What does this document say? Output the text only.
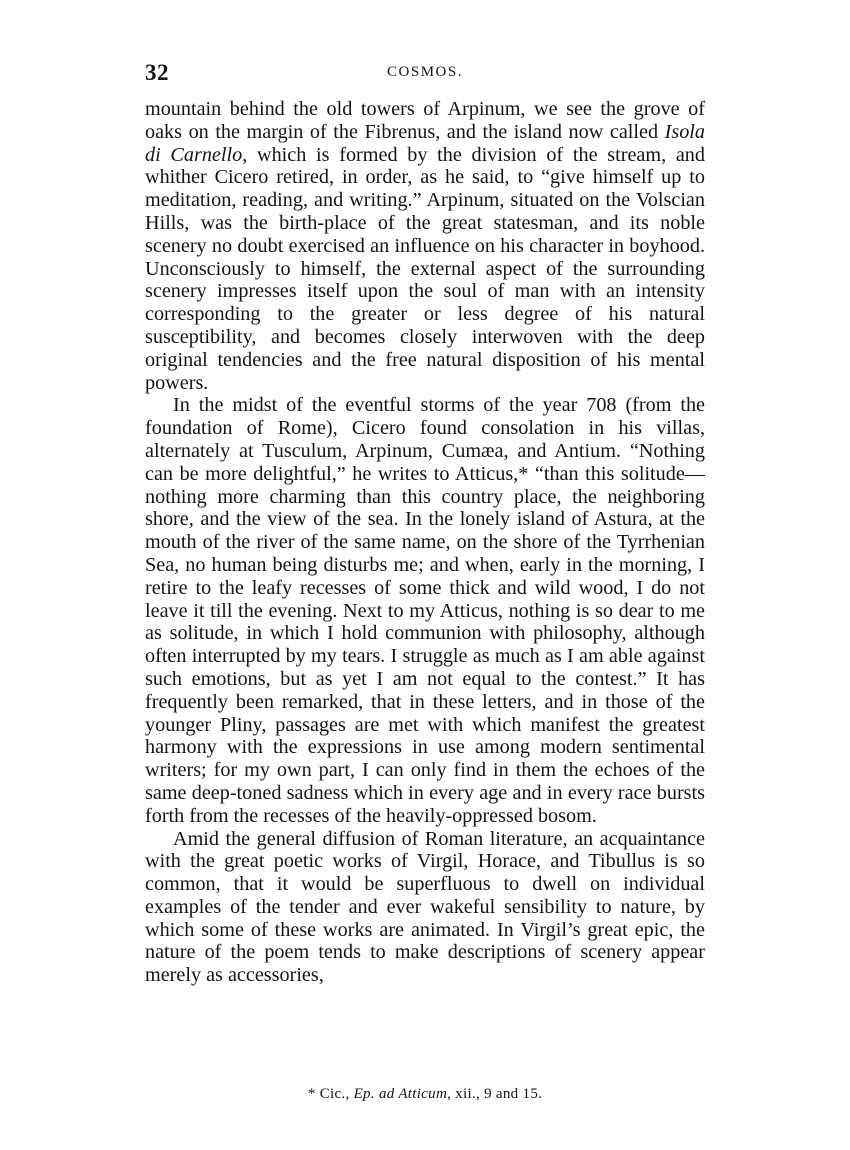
32	COSMOS.

mountain behind the old towers of Arpinum, we see the grove of oaks on the margin of the Fibrenus, and the island now called Isola di Carnello, which is formed by the division of the stream, and whither Cicero retired, in order, as he said, to “give himself up to meditation, reading, and writing.” Arpinum, situated on the Volscian Hills, was the birth-place of the great statesman, and its noble scenery no doubt exercised an influence on his character in boyhood. Unconsciously to himself, the external aspect of the surrounding scenery impresses itself upon the soul of man with an intensity corresponding to the greater or less degree of his natural susceptibility, and becomes closely interwoven with the deep original tendencies and the free natural disposition of his mental powers.

In the midst of the eventful storms of the year 708 (from the foundation of Rome), Cicero found consolation in his villas, alternately at Tusculum, Arpinum, Cumæa, and Antium. “Nothing can be more delightful,” he writes to Atticus,* “than this solitude—nothing more charming than this country place, the neighboring shore, and the view of the sea. In the lonely island of Astura, at the mouth of the river of the same name, on the shore of the Tyrrhenian Sea, no human being disturbs me; and when, early in the morning, I retire to the leafy recesses of some thick and wild wood, I do not leave it till the evening. Next to my Atticus, nothing is so dear to me as solitude, in which I hold communion with philosophy, although often interrupted by my tears. I struggle as much as I am able against such emotions, but as yet I am not equal to the contest.” It has frequently been remarked, that in these letters, and in those of the younger Pliny, passages are met with which manifest the greatest harmony with the expressions in use among modern sentimental writers; for my own part, I can only find in them the echoes of the same deep-toned sadness which in every age and in every race bursts forth from the recesses of the heavily-oppressed bosom.

Amid the general diffusion of Roman literature, an acquaintance with the great poetic works of Virgil, Horace, and Tibullus is so common, that it would be superfluous to dwell on individual examples of the tender and ever wakeful sensibility to nature, by which some of these works are animated. In Virgil’s great epic, the nature of the poem tends to make descriptions of scenery appear merely as accessories,

* Cic., Ep. ad Atticum, xii., 9 and 15.
